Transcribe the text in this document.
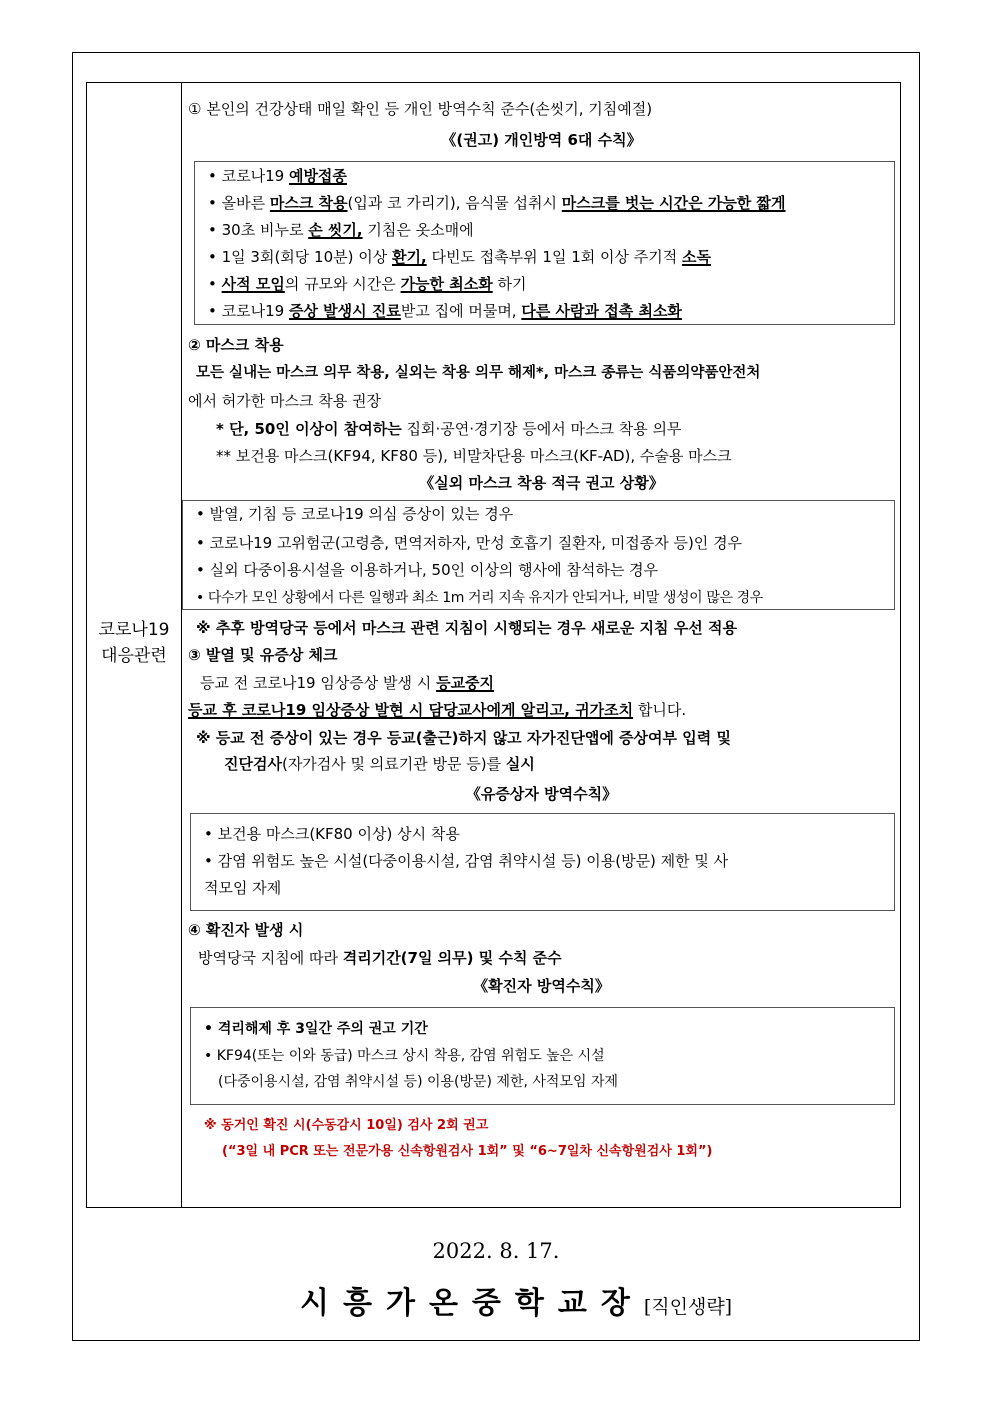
코로나19
대응관련
① 본인의 건강상태 매일 확인 등 개인 방역수칙 준수(손씻기, 기침예절)
《(권고) 개인방역 6대 수칙》
• 코로나19 예방접종
• 올바른 마스크 착용(입과 코 가리기), 음식물 섭취시 마스크를 벗는 시간은 가능한 짧게
• 30초 비누로 손 씻기, 기침은 옷소매에
• 1일 3회(회당 10분) 이상 환기, 다빈도 접촉부위 1일 1회 이상 주기적 소독
• 사적 모임의 규모와 시간은 가능한 최소화 하기
• 코로나19 증상 발생시 진료받고 집에 머물며, 다른 사람과 접촉 최소화
② 마스크 착용
모든 실내는 마스크 의무 착용, 실외는 착용 의무 해제*, 마스크 종류는 식품의약품안전처
에서 허가한 마스크 착용 권장
* 단, 50인 이상이 참여하는 집회·공연·경기장 등에서 마스크 착용 의무
** 보건용 마스크(KF94, KF80 등), 비말차단용 마스크(KF-AD), 수술용 마스크
《실외 마스크 착용 적극 권고 상황》
• 발열, 기침 등 코로나19 의심 증상이 있는 경우
• 코로나19 고위험군(고령층, 면역저하자, 만성 호흡기 질환자, 미접종자 등)인 경우
• 실외 다중이용시설을 이용하거나, 50인 이상의 행사에 참석하는 경우
• 다수가 모인 상황에서 다른 일행과 최소 1m 거리 지속 유지가 안되거나, 비말 생성이 많은 경우
※ 추후 방역당국 등에서 마스크 관련 지침이 시행되는 경우 새로운 지침 우선 적용
③ 발열 및 유증상 체크
등교 전 코로나19 임상증상 발생 시 등교중지
등교 후 코로나19 임상증상 발현 시 담당교사에게 알리고, 귀가조치 합니다.
※ 등교 전 증상이 있는 경우 등교(출근)하지 않고 자가진단앱에 증상여부 입력 및
진단검사(자가검사 및 의료기관 방문 등)를 실시
《유증상자 방역수칙》
• 보건용 마스크(KF80 이상) 상시 착용
• 감염 위험도 높은 시설(다중이용시설, 감염 취약시설 등) 이용(방문) 제한 및 사
적모임 자제
④ 확진자 발생 시
방역당국 지침에 따라 격리기간(7일 의무) 및 수칙 준수
《확진자 방역수칙》
• 격리해제 후 3일간 주의 권고 기간
• KF94(또는 이와 동급) 마스크 상시 착용, 감염 위험도 높은 시설
(다중이용시설, 감염 취약시설 등) 이용(방문) 제한, 사적모임 자제
※ 동거인 확진 시(수동감시 10일) 검사 2회 권고
(“3일 내 PCR 또는 전문가용 신속항원검사 1회” 및 “6~7일차 신속항원검사 1회”)
2022. 8. 17.
시흥가온중학교장[직인생략]
